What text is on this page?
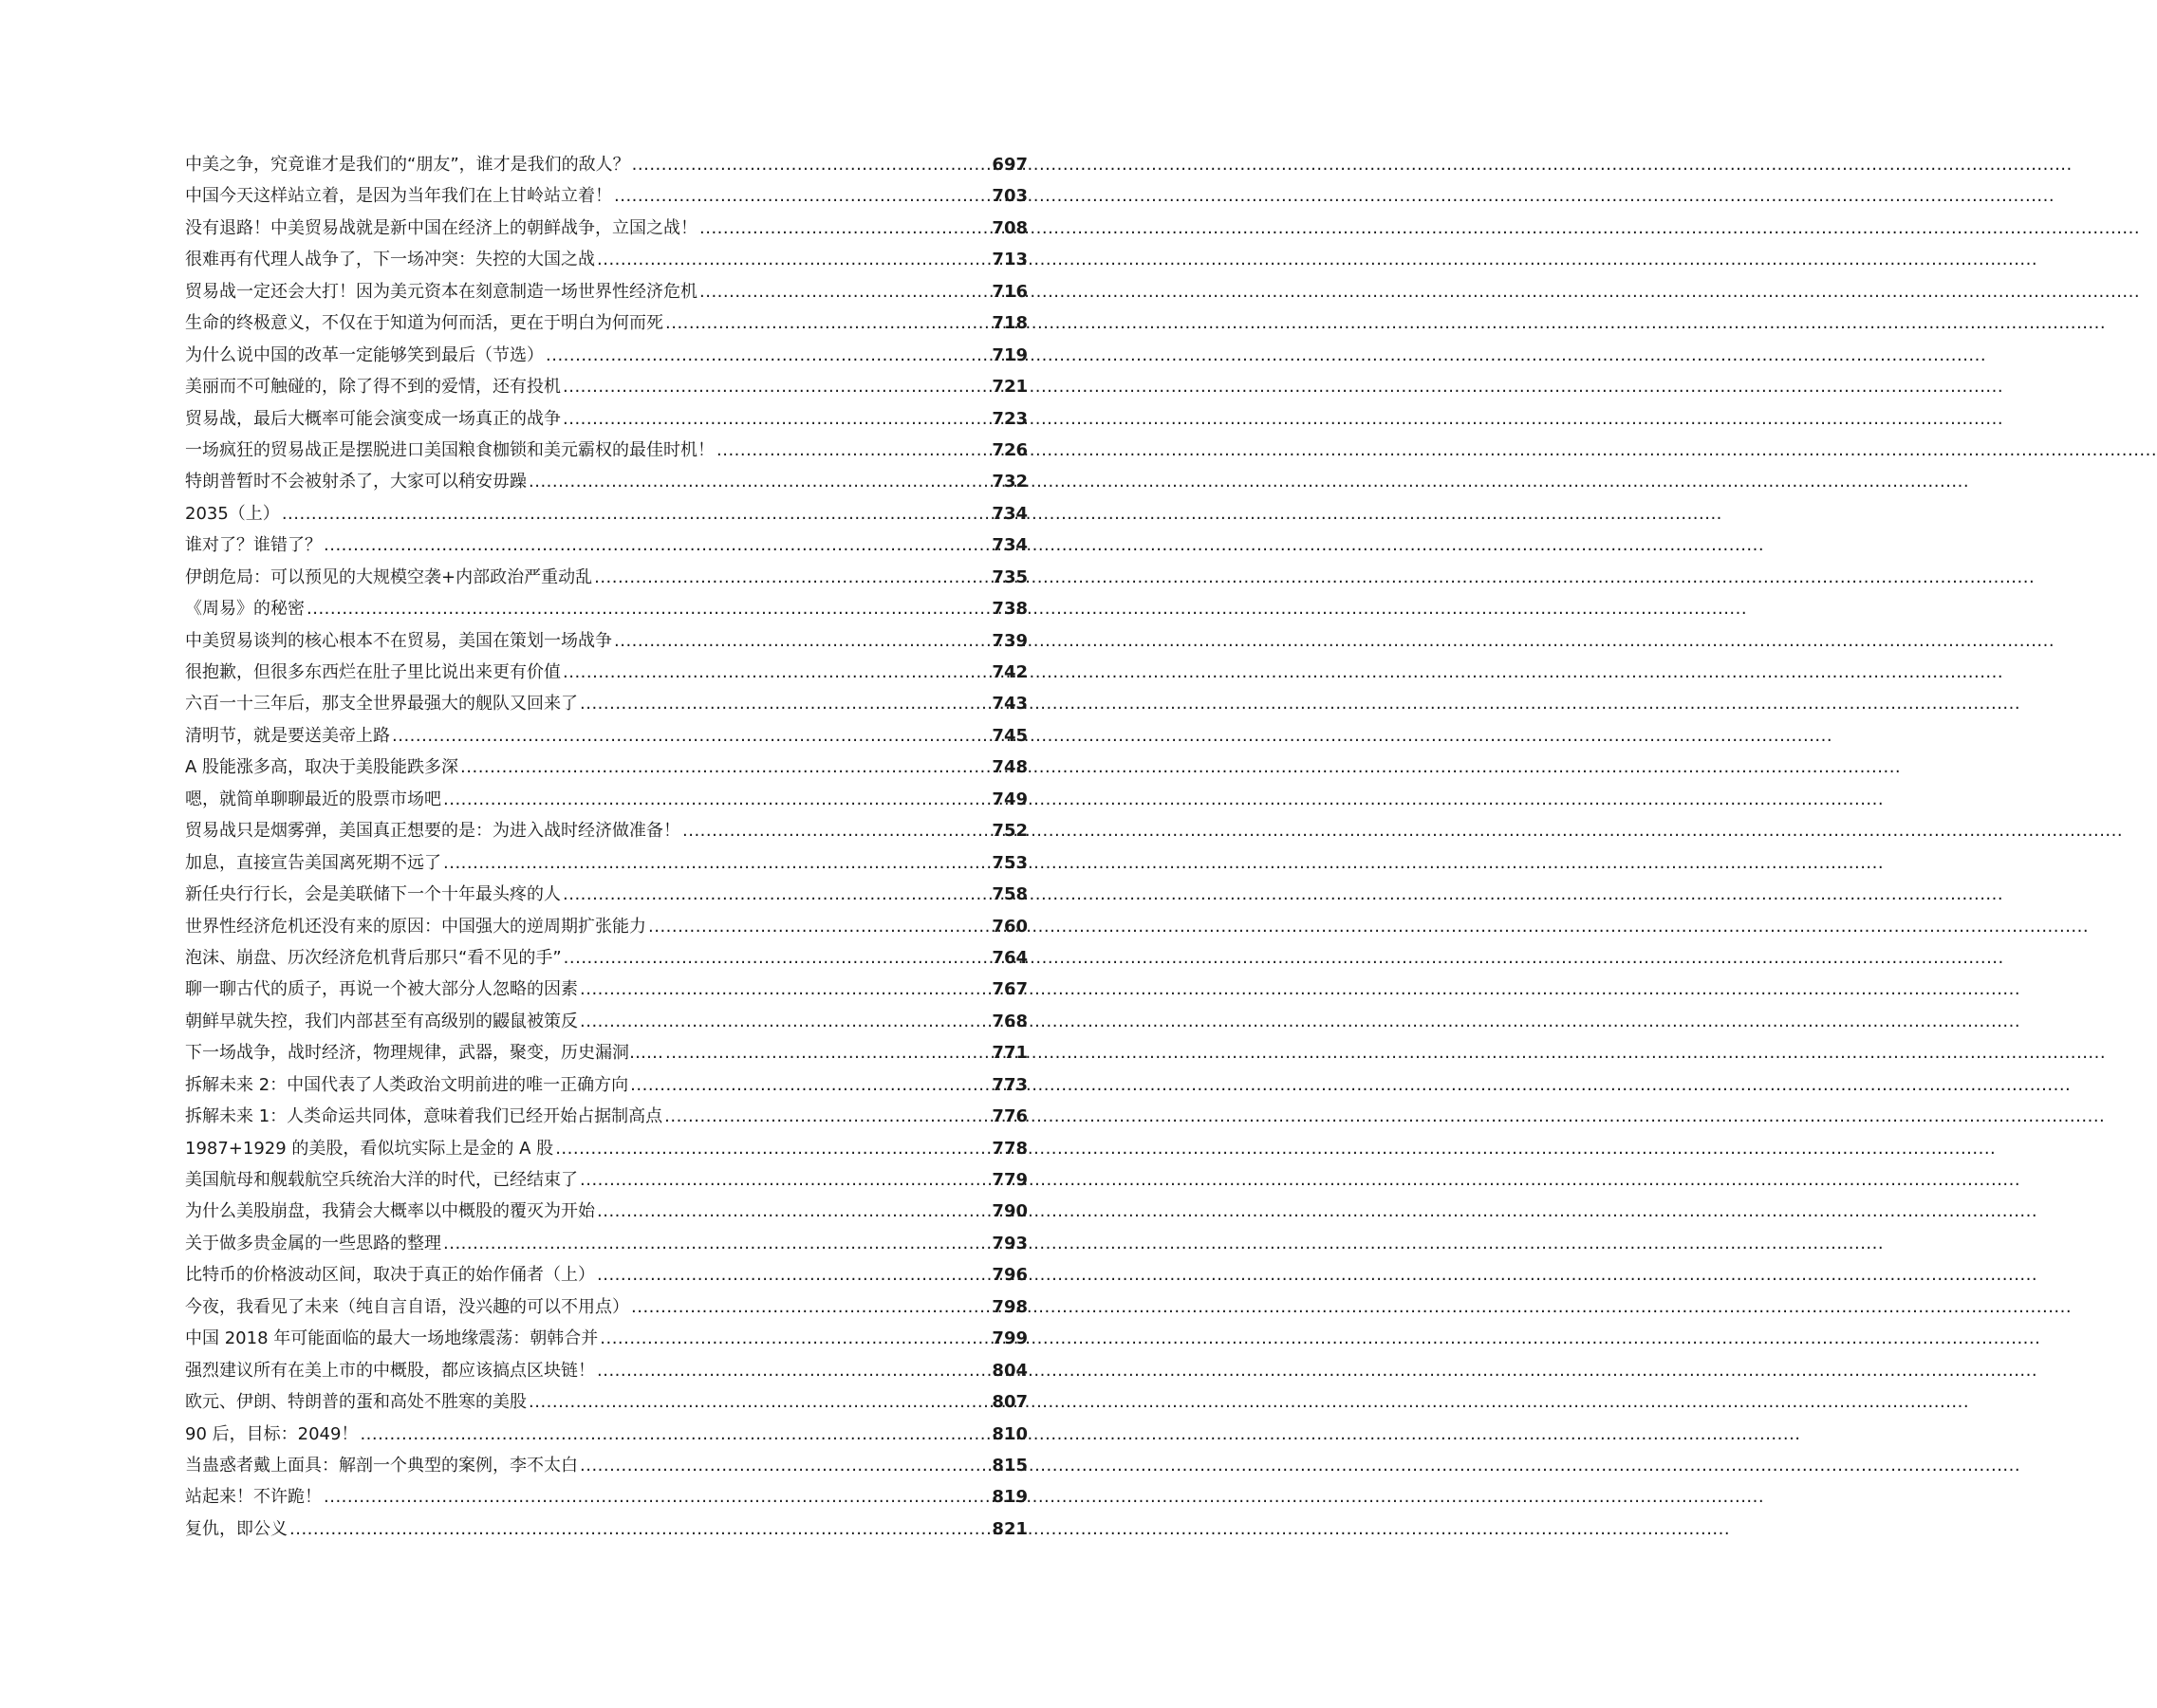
中美之争，究竟谁才是我们的“朋友”，谁才是我们的敌人？ .....	697
中国今天这样站立着，是因为当年我们在上甘岭站立着！ .....	703
没有退路！中美贸易战就是新中国在经济上的朝鲜战争，立国之战！ .....	708
很难再有代理人战争了，下一场冲突：失控的大国之战 .....	713
贸易战一定还会大打！因为美元资本在刻意制造一场世界性经济危机 .....	716
生命的终极意义，不仅在于知道为何而活，更在于明白为何而死 .....	718
为什么说中国的改革一定能够笑到最后（节选） .....	719
美丽而不可触碰的，除了得不到的爱情，还有投机 .....	721
贸易战，最后大概率可能会演变成一场真正的战争 .....	723
一场疯狂的贸易战正是摆脱进口美国粮食枷锁和美元霸权的最佳时机！ .....	726
特朗普暂时不会被射杀了，大家可以稍安毋躁 .....	732
2035（上） .....	734
谁对了？谁错了？ .....	734
伊朗危局：可以预见的大规模空袭+内部政治严重动乱 .....	735
《周易》的秘密 .....	738
中美贸易谈判的核心根本不在贸易，美国在策划一场战争 .....	739
很抱歉，但很多东西烂在肚子里比说出来更有价值 .....	742
六百一十三年后，那支全世界最强大的舰队又回来了 .....	743
清明节，就是要送美帝上路 .....	745
A 股能涨多高，取决于美股能跌多深 .....	748
嗯，就简单聊聊最近的股票市场吧 .....	749
贸易战只是烟雾弹，美国真正想要的是：为进入战时经济做准备！ .....	752
加息，直接宣告美国离死期不远了 .....	753
新任央行行长，会是美联储下一个十年最头疼的人 .....	758
世界性经济危机还没有来的原因：中国强大的逆周期扩张能力 .....	760
泡沫、崩盘、历次经济危机背后那只“看不见的手” .....	764
聊一聊古代的质子，再说一个被大部分人忽略的因素 .....	767
朝鲜早就失控，我们内部甚至有高级别的鼹鼠被策反 .....	768
下一场战争，战时经济，物理规律，武器，聚变，历史漏洞…… .....	771
拆解未来 2：中国代表了人类政治文明前进的唯一正确方向 .....	773
拆解未来 1：人类命运共同体，意味着我们已经开始占据制高点 .....	776
1987+1929 的美股，看似坑实际上是金的 A 股 .....	778
美国航母和舰载航空兵统治大洋的时代，已经结束了 .....	779
为什么美股崩盘，我猜会大概率以中概股的覆灭为开始 .....	790
关于做多贵金属的一些思路的整理 .....	793
比特币的价格波动区间，取决于真正的始作俑者（上） .....	796
今夜，我看见了未来（纯自言自语，没兴趣的可以不用点） .....	798
中国 2018 年可能面临的最大一场地缘震荡：朝韩合并 .....	799
强烈建议所有在美上市的中概股，都应该搞点区块链！ .....	804
欧元、伊朗、特朗普的蛋和高处不胜寒的美股 .....	807
90 后，目标：2049！ .....	810
当蛊惑者戴上面具：解剖一个典型的案例，李不太白 .....	815
站起来！不许跪！ .....	819
复仇，即公义 .....	821
